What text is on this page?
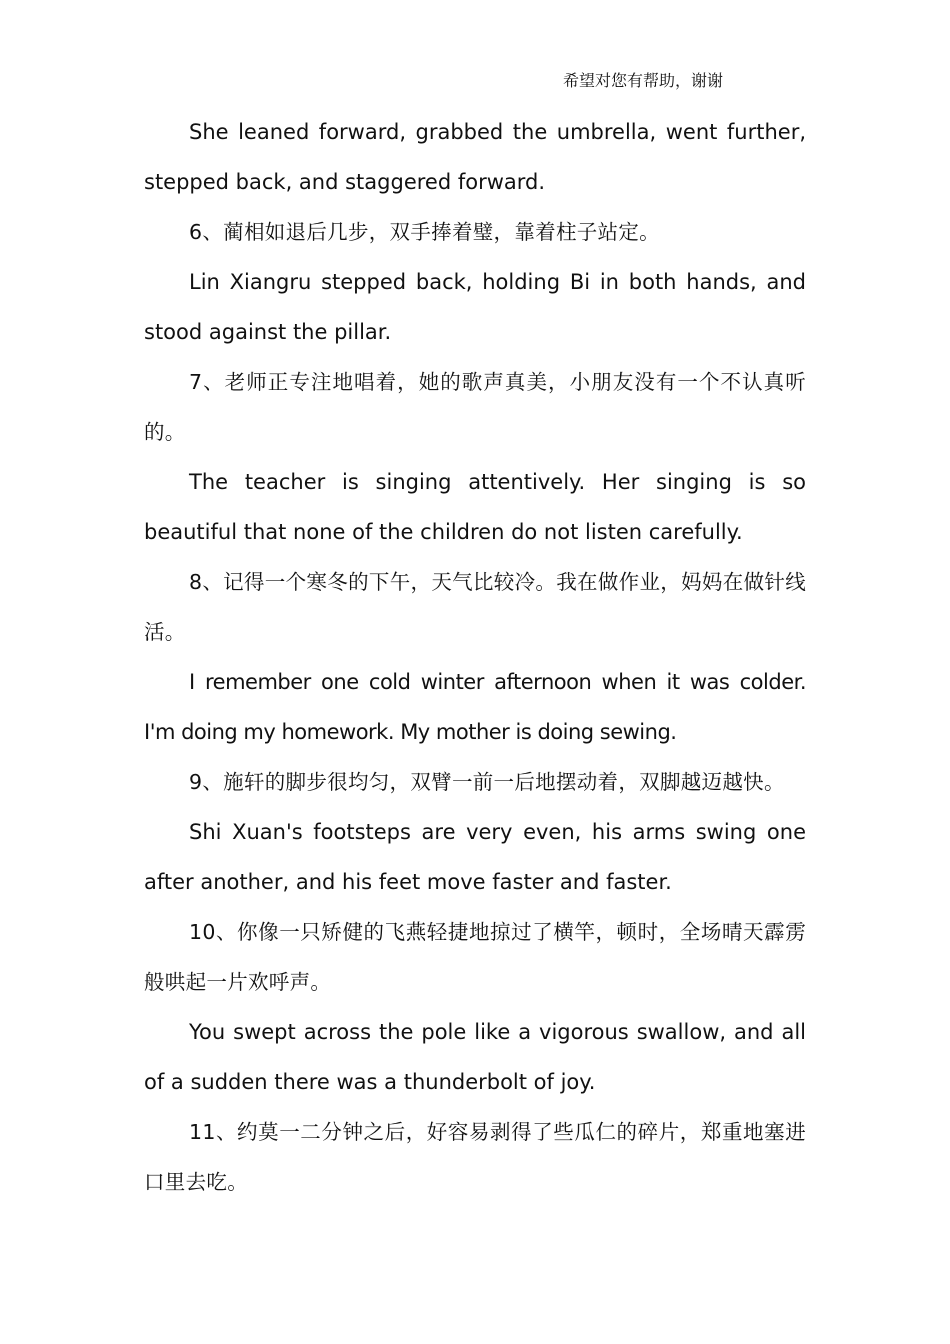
希望对您有帮助，谢谢

She leaned forward, grabbed the umbrella, went further, stepped back, and staggered forward.

6、蔺相如退后几步，双手捧着璧，靠着柱子站定。

Lin Xiangru stepped back, holding Bi in both hands, and stood against the pillar.

7、老师正专注地唱着，她的歌声真美，小朋友没有一个不认真听的。

The teacher is singing attentively. Her singing is so beautiful that none of the children do not listen carefully.

8、记得一个寒冬的下午，天气比较冷。我在做作业，妈妈在做针线活。

I remember one cold winter afternoon when it was colder. I'm doing my homework. My mother is doing sewing.

9、施轩的脚步很均匀，双臂一前一后地摆动着，双脚越迈越快。

Shi Xuan's footsteps are very even, his arms swing one after another, and his feet move faster and faster.

10、你像一只矫健的飞燕轻捷地掠过了横竿，顿时，全场晴天霹雳般哄起一片欢呼声。

You swept across the pole like a vigorous swallow, and all of a sudden there was a thunderbolt of joy.

11、约莫一二分钟之后，好容易剥得了些瓜仁的碎片，郑重地塞进口里去吃。
